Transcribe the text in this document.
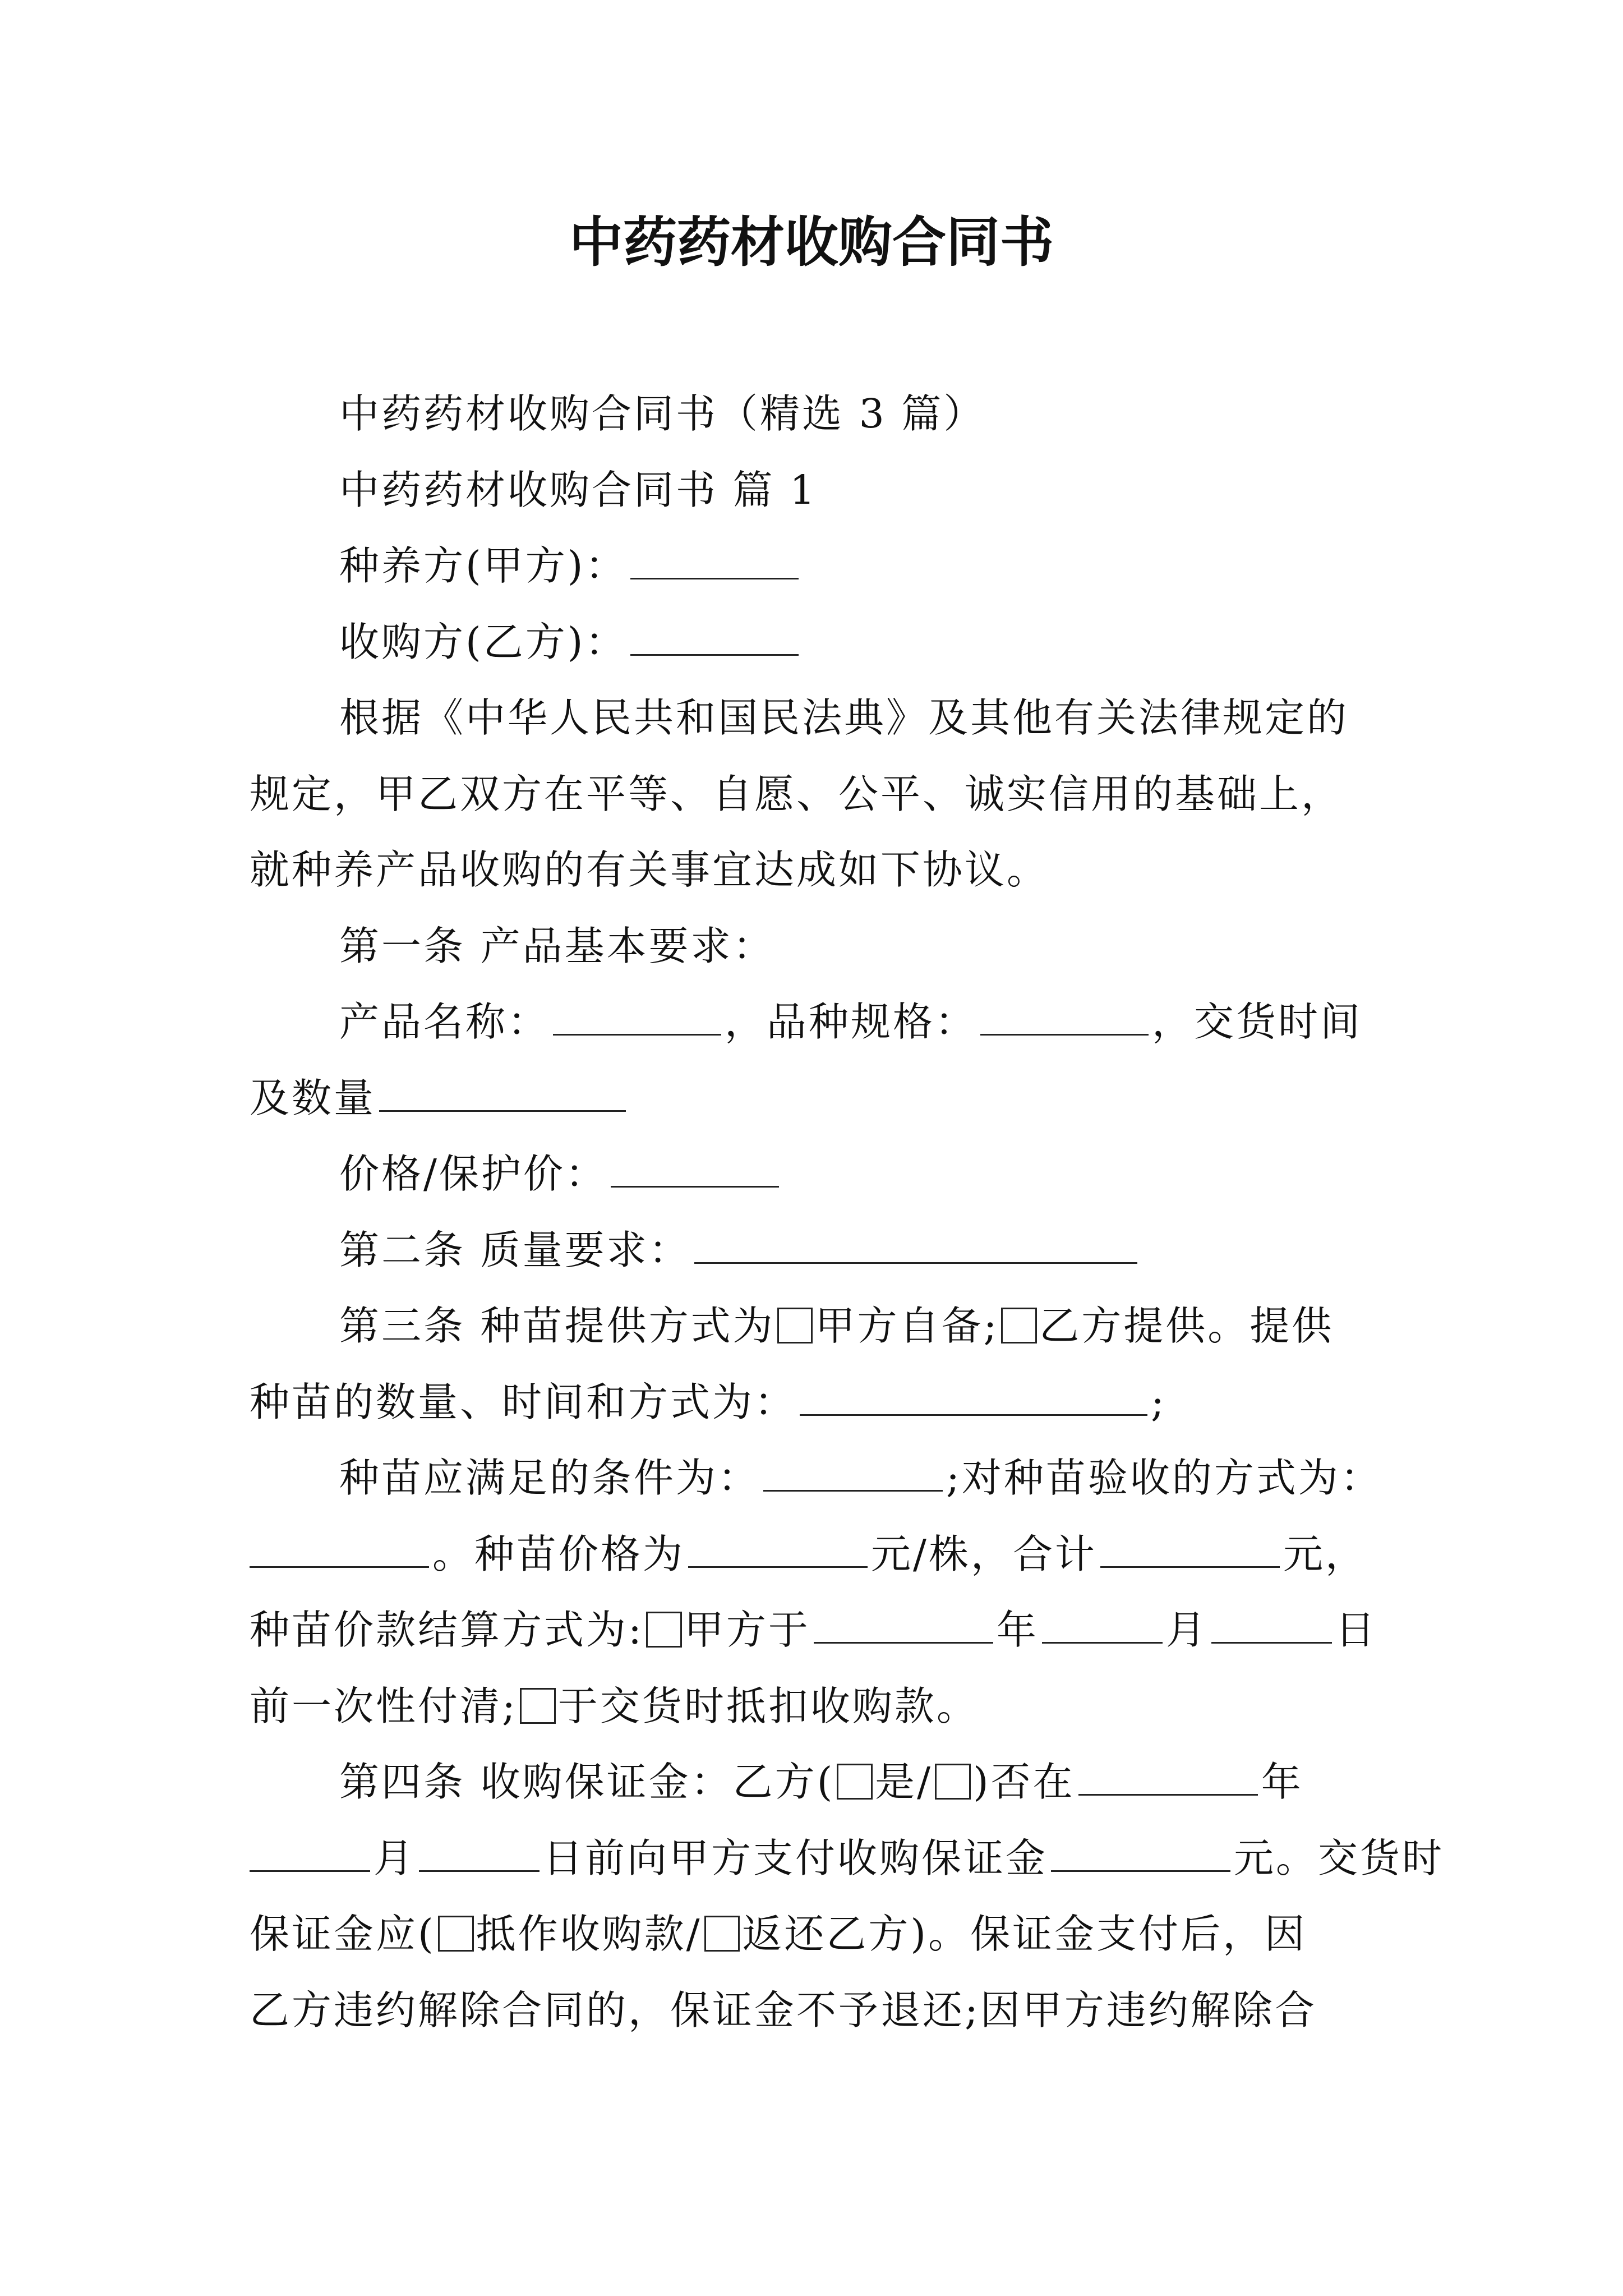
中药药材收购合同书
中药药材收购合同书（精选 3 篇）
中药药材收购合同书 篇 1
种养方(甲方)：
收购方(乙方)：
根据《中华人民共和国民法典》及其他有关法律规定的
规定，甲乙双方在平等、自愿、公平、诚实信用的基础上，
就种养产品收购的有关事宜达成如下协议。
第一条 产品基本要求：
产品名称：	，品种规格：	，交货时间
及数量
价格/保护价：
第二条 质量要求：
第三条 种苗提供方式为 甲方自备; 乙方提供。提供
种苗的数量、时间和方式为：	;
种苗应满足的条件为：	;对种苗验收的方式为：
。种苗价格为	元/株，合计	元，
种苗价款结算方式为: 甲方于	年	月	日
前一次性付清; 于交货时抵扣收购款。
第四条 收购保证金：乙方( 是/ )否在	年
月	日前向甲方支付收购保证金	元。交货时
保证金应( 抵作收购款/ 返还乙方)。保证金支付后，因
乙方违约解除合同的，保证金不予退还;因甲方违约解除合
